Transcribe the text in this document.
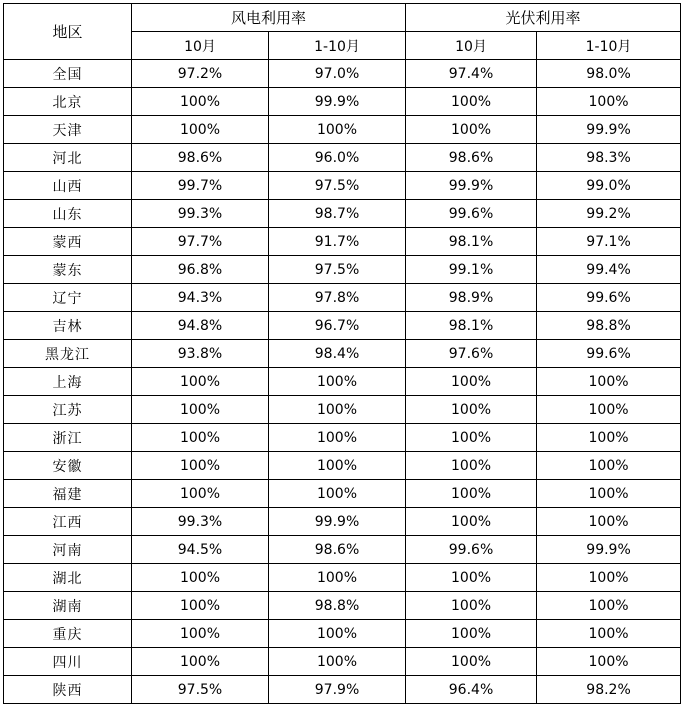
地区	风电利用率		光伏利用率	
	10月	1-10月	10月	1-10月
全国	97.2%	97.0%	97.4%	98.0%
北京	100%	99.9%	100%	100%
天津	100%	100%	100%	99.9%
河北	98.6%	96.0%	98.6%	98.3%
山西	99.7%	97.5%	99.9%	99.0%
山东	99.3%	98.7%	99.6%	99.2%
蒙西	97.7%	91.7%	98.1%	97.1%
蒙东	96.8%	97.5%	99.1%	99.4%
辽宁	94.3%	97.8%	98.9%	99.6%
吉林	94.8%	96.7%	98.1%	98.8%
黑龙江	93.8%	98.4%	97.6%	99.6%
上海	100%	100%	100%	100%
江苏	100%	100%	100%	100%
浙江	100%	100%	100%	100%
安徽	100%	100%	100%	100%
福建	100%	100%	100%	100%
江西	99.3%	99.9%	100%	100%
河南	94.5%	98.6%	99.6%	99.9%
湖北	100%	100%	100%	100%
湖南	100%	98.8%	100%	100%
重庆	100%	100%	100%	100%
四川	100%	100%	100%	100%
陕西	97.5%	97.9%	96.4%	98.2%
